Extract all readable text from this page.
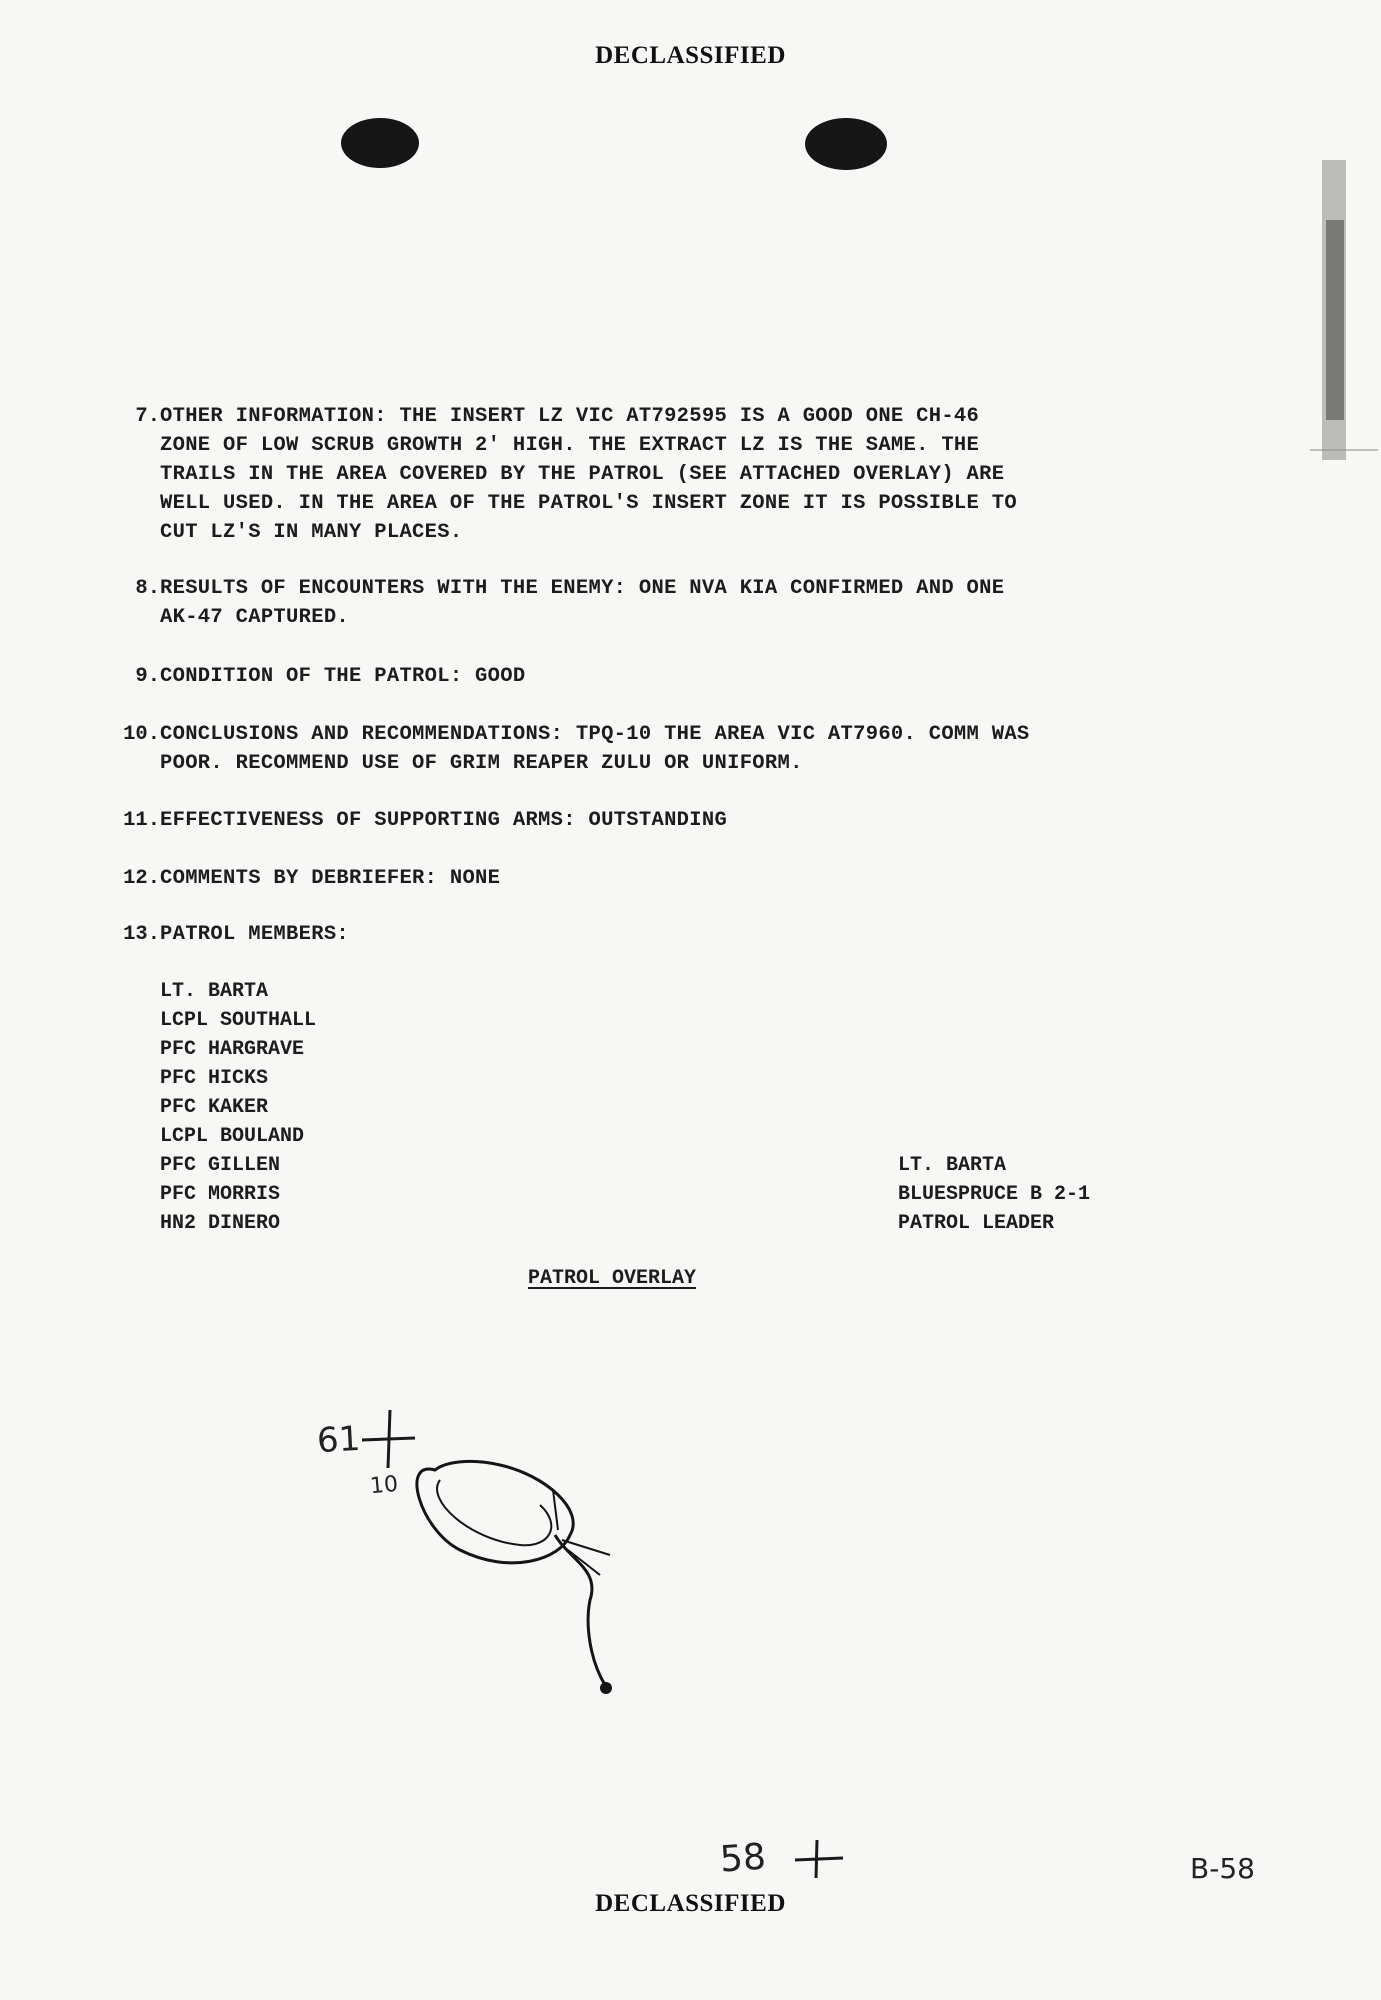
DECLASSIFIED
7. OTHER INFORMATION: THE INSERT LZ VIC AT792595 IS A GOOD ONE CH-46
ZONE OF LOW SCRUB GROWTH 2' HIGH. THE EXTRACT LZ IS THE SAME. THE
TRAILS IN THE AREA COVERED BY THE PATROL (SEE ATTACHED OVERLAY) ARE
WELL USED. IN THE AREA OF THE PATROL'S INSERT ZONE IT IS POSSIBLE TO
CUT LZ'S IN MANY PLACES.
8. RESULTS OF ENCOUNTERS WITH THE ENEMY: ONE NVA KIA CONFIRMED AND ONE
AK-47 CAPTURED.
9. CONDITION OF THE PATROL: GOOD
10. CONCLUSIONS AND RECOMMENDATIONS: TPQ-10 THE AREA VIC AT7960. COMM WAS
POOR. RECOMMEND USE OF GRIM REAPER ZULU OR UNIFORM.
11. EFFECTIVENESS OF SUPPORTING ARMS: OUTSTANDING
12. COMMENTS BY DEBRIEFER: NONE
13. PATROL MEMBERS:
LT. BARTA
LCPL SOUTHALL
PFC HARGRAVE
PFC HICKS
PFC KAKER
LCPL BOULAND
PFC GILLEN
PFC MORRIS
HN2 DINERO
LT. BARTA
BLUESPRUCE B 2-1
PATROL LEADER
PATROL OVERLAY
61
10
58	B-58
DECLASSIFIED
